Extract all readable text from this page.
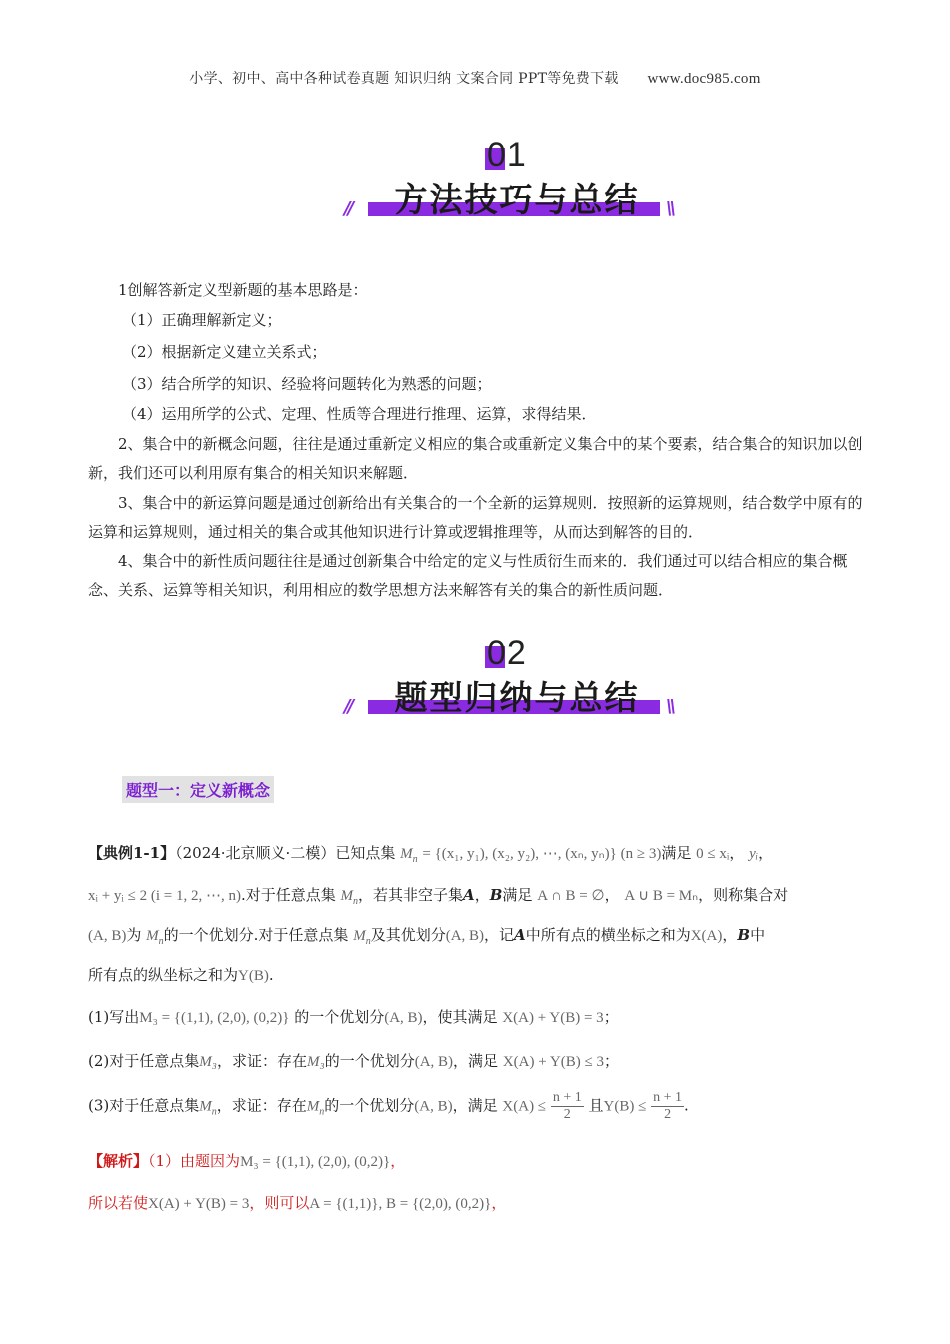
小学、初中、高中各种试卷真题 知识归纳 文案合同 PPT等免费下载 www.doc985.com
01
//	方法技巧与总结	\\
1创解答新定义型新题的基本思路是：
（1）正确理解新定义；
（2）根据新定义建立关系式；
（3）结合所学的知识、经验将问题转化为熟悉的问题；
（4）运用所学的公式、定理、性质等合理进行推理、运算，求得结果．
2、集合中的新概念问题，往往是通过重新定义相应的集合或重新定义集合中的某个要素，结合集合的知识加以创新，我们还可以利用原有集合的相关知识来解题．
3、集合中的新运算问题是通过创新给出有关集合的一个全新的运算规则．按照新的运算规则，结合数学中原有的运算和运算规则，通过相关的集合或其他知识进行计算或逻辑推理等，从而达到解答的目的．
4、集合中的新性质问题往往是通过创新集合中给定的定义与性质衍生而来的．我们通过可以结合相应的集合概念、关系、运算等相关知识，利用相应的数学思想方法来解答有关的集合的新性质问题．
02
//	题型归纳与总结	\\
题型一：定义新概念
【典例1-1】（2024·北京顺义·二模）已知点集 $M_n = \{(x_1$, y₁), (x₂, y₂), ⋯, (xₙ, yₙ)} (n ≥ 3)满足 0 ≤ xᵢ， yᵢ，
xᵢ + yᵢ ≤ 2 (i = 1, 2, ⋯, n).对于任意点集 $M_n$，若其非空子集A，B满足 A ∩ B = ∅， A ∪ B = Mₙ，则称集合对
(A, B)为 $M_n$的一个优划分.对于任意点集 $M_n$及其优划分(A, B)，记A中所有点的横坐标之和为X(A)，B中
所有点的纵坐标之和为Y(B).
(1)写出M₃ = {(1,1), (2,0), (0,2)} 的一个优划分(A, B)，使其满足 X(A) + Y(B) = 3；
(2)对于任意点集M₃，求证：存在M₃的一个优划分(A, B)，满足 X(A) + Y(B) ≤ 3；
(3)对于任意点集$M_n$，求证：存在$M_n$的一个优划分(A, B)，满足 $X(A) \le \frac{n + 1}{2}$ 且$Y(B) \le \frac{n + 1}{2}$ .
【解析】（1）由题因为M₃ = {(1,1), (2,0), (0,2)}，
所以若使X(A) + Y(B) = 3，则可以A = {(1,1)}, B = {(2,0), (0,2)}，
